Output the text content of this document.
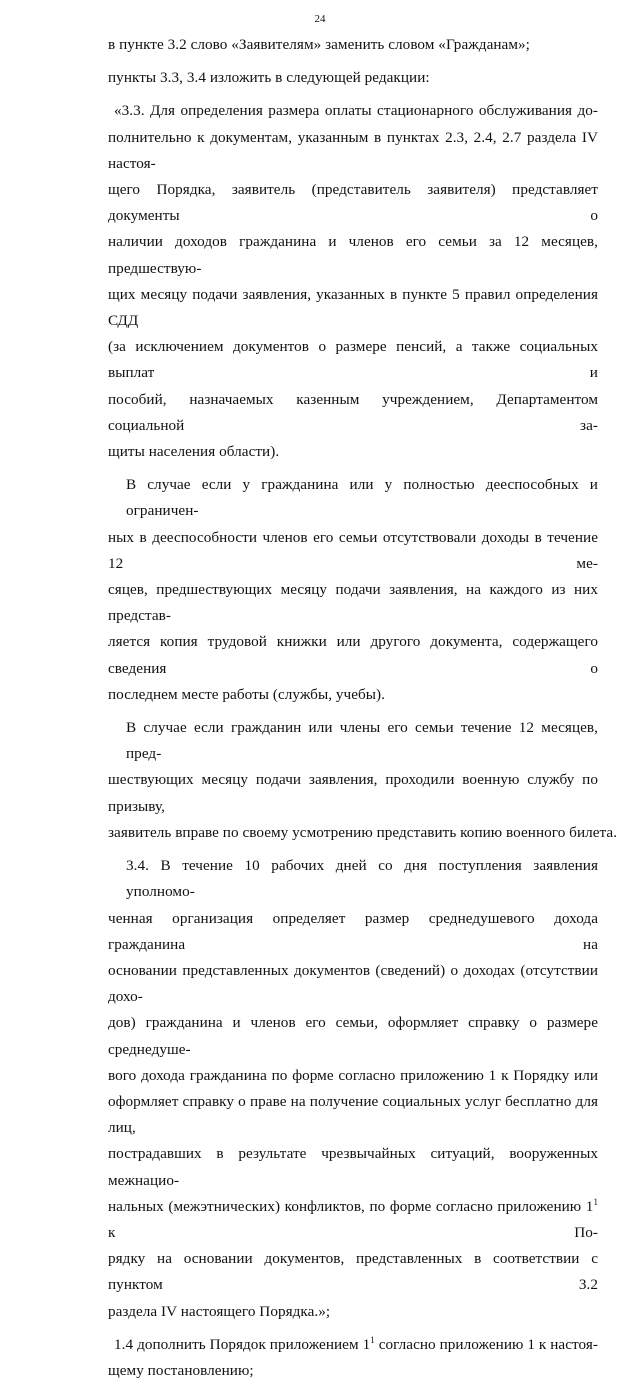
24
в пункте 3.2 слово «Заявителям» заменить словом «Гражданам»;
пункты 3.3, 3.4 изложить в следующей редакции:
«3.3. Для определения размера оплаты стационарного обслуживания до-
полнительно к документам, указанным в пунктах 2.3, 2.4, 2.7 раздела IV настоя-
щего Порядка, заявитель (представитель заявителя) представляет документы о
наличии доходов гражданина и членов его семьи за 12 месяцев, предшествую-
щих месяцу подачи заявления, указанных в пункте 5 правил определения СДД
(за исключением документов о размере пенсий, а также социальных выплат и
пособий, назначаемых казенным учреждением, Департаментом социальной за-
щиты населения области).
В случае если у гражданина или у полностью дееспособных и ограничен-
ных в дееспособности членов его семьи отсутствовали доходы в течение 12 ме-
сяцев, предшествующих месяцу подачи заявления, на каждого из них представ-
ляется копия трудовой книжки или другого документа, содержащего сведения о
последнем месте работы (службы, учебы).
В случае если гражданин или члены его семьи течение 12 месяцев, пред-
шествующих месяцу подачи заявления, проходили военную службу по призыву,
заявитель вправе по своему усмотрению представить копию военного билета.
3.4. В течение 10 рабочих дней со дня поступления заявления уполномо-
ченная организация определяет размер среднедушевого дохода гражданина на
основании представленных документов (сведений) о доходах (отсутствии дохо-
дов) гражданина и членов его семьи, оформляет справку о размере среднедуше-
вого дохода гражданина по форме согласно приложению 1 к Порядку или
оформляет справку о праве на получение социальных услуг бесплатно для лиц,
пострадавших в результате чрезвычайных ситуаций, вооруженных межнацио-
нальных (межэтнических) конфликтов, по форме согласно приложению $1^1$ к По-
рядку на основании документов, представленных в соответствии с пунктом 3.2
раздела IV настоящего Порядка.»;
1.4 дополнить Порядок приложением $1^1$ согласно приложению 1 к настоя-
щему постановлению;
